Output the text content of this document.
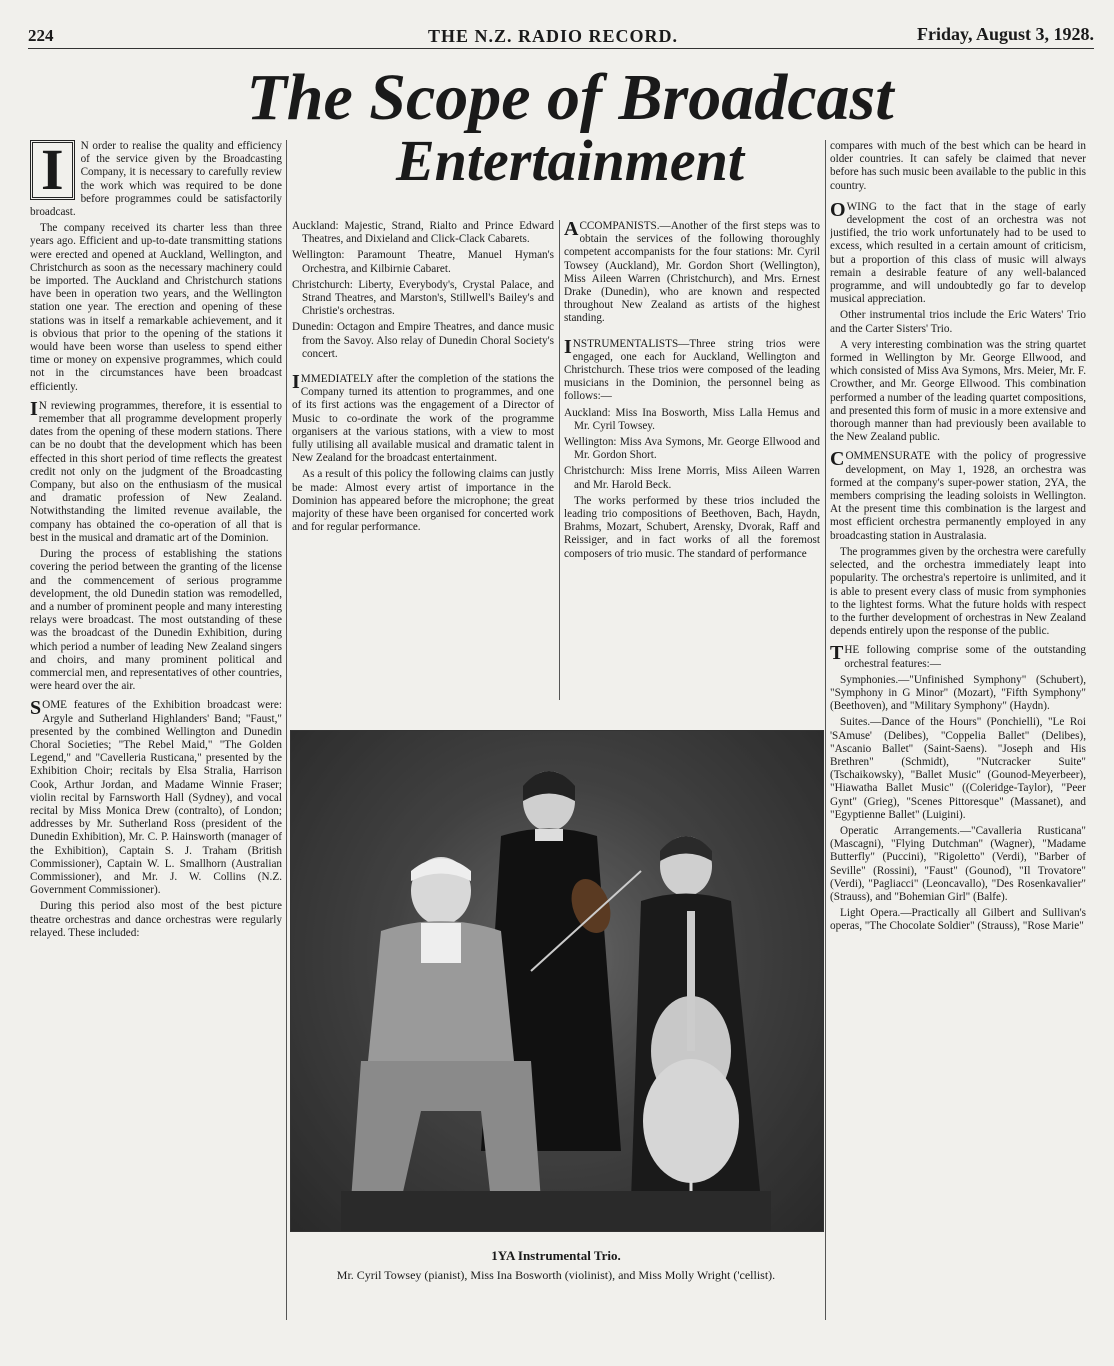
224	THE N.Z. RADIO RECORD.	Friday, August 3, 1928.
The Scope of Broadcast
Entertainment

I	N order to realise the quality and efficiency of the service given by the Broadcasting Company, it is necessary to carefully review the work which was required to be done before programmes could be satisfactorily broadcast.

The company received its charter less than three years ago. Efficient and up-to-date transmitting stations were erected and opened at Auckland, Wellington, and Christchurch as soon as the necessary machinery could be imported. The Auckland and Christchurch stations have been in operation two years, and the Wellington station one year. The erection and opening of these stations was in itself a remarkable achievement, and it is obvious that prior to the opening of the stations it would have been worse than useless to spend either time or money on expensive programmes, which could not in the circumstances have been broadcast efficiently.

I N reviewing programmes, therefore, it is essential to remember that all programme development properly dates from the opening of these modern stations. There can be no doubt that the development which has been effected in this short period of time reflects the greatest credit not only on the judgment of the Broadcasting Company, but also on the enthusiasm of the musical and dramatic profession of New Zealand. Notwithstanding the limited revenue available, the company has obtained the co-operation of all that is best in the musical and dramatic art of the Dominion.

During the process of establishing the stations covering the period between the granting of the license and the commencement of serious programme development, the old Dunedin station was remodelled, and a number of prominent people and many interesting relays were broadcast. The most outstanding of these was the broadcast of the Dunedin Exhibition, during which period a number of leading New Zealand singers and choirs, and many prominent political and commercial men, and representatives of other countries, were heard over the air.

SOME features of the Exhibition broadcast were: Argyle and Sutherland Highlanders' Band; "Faust," presented by the combined Wellington and Dunedin Choral Societies; "The Rebel Maid," "The Golden Legend," and "Cavelleria Rusticana," presented by the Exhibition Choir; recitals by Elsa Stralia, Harrison Cook, Arthur Jordan, and Madame Winnie Fraser; violin recital by Farnsworth Hall (Sydney), and vocal recital by Miss Monica Drew (contralto), of London; addresses by Mr. Sutherland Ross (president of the Dunedin Exhibition), Mr. C. P. Hainsworth (manager of the Exhibition), Captain S. J. Traham (British Commissioner), Captain W. L. Smallhorn (Australian Commissioner), and Mr. J. W. Collins (N.Z. Government Commissioner).

During this period also most of the best picture theatre orchestras and dance orchestras were regularly relayed. These included:

Auckland: Majestic, Strand, Rialto and Prince Edward Theatres, and Dixieland and Click-Clack Cabarets.

Wellington: Paramount Theatre, Manuel Hyman's Orchestra, and Kilbirnie Cabaret.

Christchurch: Liberty, Everybody's, Crystal Palace, and Strand Theatres, and Marston's, Stillwell's Bailey's and Christie's orchestras.

Dunedin: Octagon and Empire Theatres, and dance music from the Savoy. Also relay of Dunedin Choral Society's concert.

IMMEDIATELY after the completion of the stations the Company turned its attention to programmes, and one of its first actions was the engagement of a Director of Music to co-ordinate the work of the programme organisers at the various stations, with a view to most fully utilising all available musical and dramatic talent in New Zealand for the broadcast entertainment.

As a result of this policy the following claims can justly be made: Almost every artist of importance in the Dominion has appeared before the microphone; the great majority of these have been organised for concerted work and for regular performance.

ACCOMPANISTS.—Another of the first steps was to obtain the services of the following thoroughly competent accompanists for the four stations: Mr. Cyril Towsey (Auckland), Mr. Gordon Short (Wellington), Miss Aileen Warren (Christchurch), and Mrs. Ernest Drake (Dunedin), who are known and respected throughout New Zealand as artists of the highest standing.

INSTRUMENTALISTS—Three string trios were engaged, one each for Auckland, Wellington and Christchurch. These trios were composed of the leading musicians in the Dominion, the personnel being as follows:—

Auckland: Miss Ina Bosworth, Miss Lalla Hemus and Mr. Cyril Towsey.

Wellington: Miss Ava Symons, Mr. George Ellwood and Mr. Gordon Short.

Christchurch: Miss Irene Morris, Miss Aileen Warren and Mr. Harold Beck.

The works performed by these trios included the leading trio compositions of Beethoven, Bach, Haydn, Brahms, Mozart, Schubert, Arensky, Dvorak, Raff and Reissiger, and in fact works of all the foremost composers of trio music. The standard of performance

compares with much of the best which can be heard in older countries. It can safely be claimed that never before has such music been available to the public in this country.

OWING to the fact that in the stage of early development the cost of an orchestra was not justified, the trio work unfortunately had to be used to excess, which resulted in a certain amount of criticism, but a proportion of this class of music will always remain a desirable feature of any well-balanced programme, and will undoubtedly go far to develop musical appreciation.

Other instrumental trios include the Eric Waters' Trio and the Carter Sisters' Trio.

A very interesting combination was the string quartet formed in Wellington by Mr. George Ellwood, and which consisted of Miss Ava Symons, Mrs. Meier, Mr. F. Crowther, and Mr. George Ellwood. This combination performed a number of the leading quartet compositions, and presented this form of music in a more extensive and thorough manner than had previously been available to the New Zealand public.

COMMENSURATE with the policy of progressive development, on May 1, 1928, an orchestra was formed at the company's super-power station, 2YA, the members comprising the leading soloists in Wellington. At the present time this combination is the largest and most efficient orchestra permanently employed in any broadcasting station in Australasia.

The programmes given by the orchestra were carefully selected, and the orchestra immediately leapt into popularity. The orchestra's repertoire is unlimited, and it is able to present every class of music from symphonies to the lightest forms. What the future holds with respect to the further development of orchestras in New Zealand depends entirely upon the response of the public.

THE following comprise some of the outstanding orchestral features:—

Symphonies.—"Unfinished Symphony" (Schubert), "Symphony in G Minor" (Mozart), "Fifth Symphony" (Beethoven), and "Military Symphony" (Haydn).

Suites.—Dance of the Hours" (Ponchielli), "Le Roi 'SAmuse' (Delibes), "Coppelia Ballet" (Delibes), "Ascanio Ballet" (Saint-Saens). "Joseph and His Brethren" (Schmidt), "Nutcracker Suite" (Tschaikowsky), "Ballet Music" (Gounod-Meyerbeer), "Hiawatha Ballet Music" ((Coleridge-Taylor), "Peer Gynt" (Grieg), "Scenes Pittoresque" (Massanet), and "Egyptienne Ballet" (Luigini).

Operatic Arrangements.—"Cavalleria Rusticana" (Mascagni), "Flying Dutchman" (Wagner), "Madame Butterfly" (Puccini), "Rigoletto" (Verdi), "Barber of Seville" (Rossini), "Faust" (Gounod), "Il Trovatore" (Verdi), "Pagliacci" (Leoncavallo), "Des Rosenkavalier" (Strauss), and "Bohemian Girl" (Balfe).

Light Opera.—Practically all Gilbert and Sullivan's operas, "The Chocolate Soldier" (Strauss), "Rose Marie"

1YA Instrumental Trio.
Mr. Cyril Towsey (pianist), Miss Ina Bosworth (violinist), and Miss Molly Wright ('cellist).
